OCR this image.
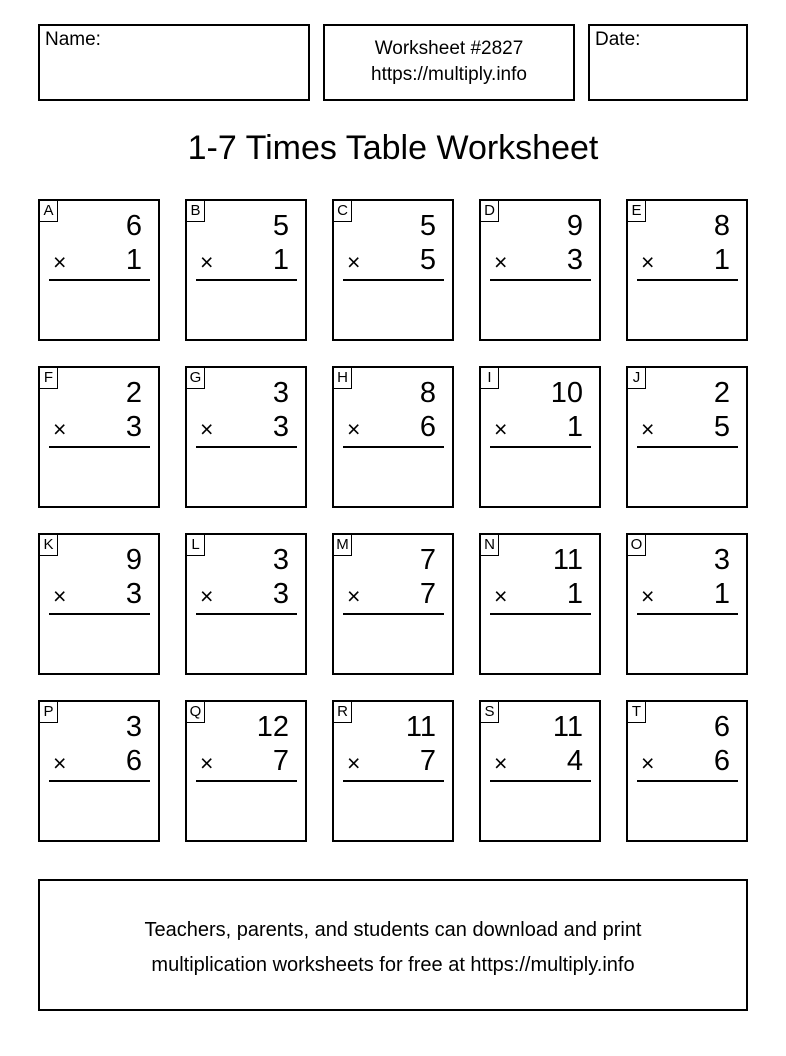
Name:	Worksheet #2827
https://multiply.info
Date:
1-7 Times Table Worksheet
A 6
× 1
B 5
× 1
C 5
× 5
D 9
× 3
E 8
× 1
F	2
× 3
G 3
× 3
H 8
× 6
I 10
× 1
J	2
× 5
K 9
× 3
L	3
× 3
M 7
× 7
N 11
× 1
O 3
× 1
P 3
× 6
Q 12
× 7
R 11
× 7
S 11
× 4
T	6
× 6
Teachers, parents, and students can download and print
multiplication worksheets for free at https://multiply.info
